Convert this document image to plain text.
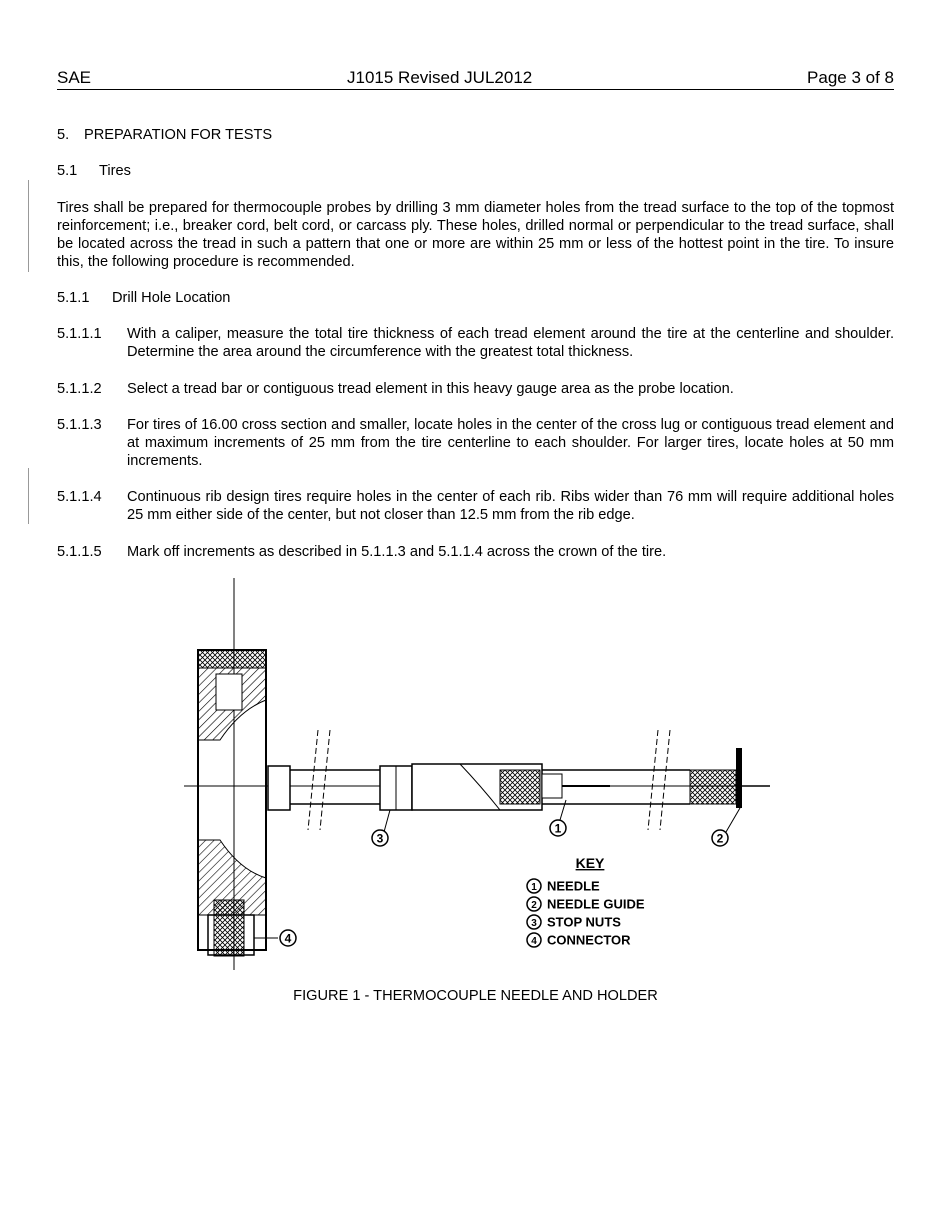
SAE	J1015 Revised JUL2012	Page 3 of 8
5. PREPARATION FOR TESTS
5.1 Tires
Tires shall be prepared for thermocouple probes by drilling 3 mm diameter holes from the tread surface to the top of the topmost reinforcement; i.e., breaker cord, belt cord, or carcass ply. These holes, drilled normal or perpendicular to the tread surface, shall be located across the tread in such a pattern that one or more are within 25 mm or less of the hottest point in the tire. To insure this, the following procedure is recommended.
5.1.1 Drill Hole Location
5.1.1.1 With a caliper, measure the total tire thickness of each tread element around the tire at the centerline and shoulder. Determine the area around the circumference with the greatest total thickness.
5.1.1.2 Select a tread bar or contiguous tread element in this heavy gauge area as the probe location.
5.1.1.3 For tires of 16.00 cross section and smaller, locate holes in the center of the cross lug or contiguous tread element and at maximum increments of 25 mm from the tire centerline to each shoulder. For larger tires, locate holes at 50 mm increments.
5.1.1.4 Continuous rib design tires require holes in the center of each rib. Ribs wider than 76 mm will require additional holes 25 mm either side of the center, but not closer than 12.5 mm from the rib edge.
5.1.1.5 Mark off increments as described in 5.1.1.3 and 5.1.1.4 across the crown of the tire.
3
1
2
4
KEY
1 NEEDLE
2 NEEDLE GUIDE
3 STOP NUTS
4 CONNECTOR
FIGURE 1 - THERMOCOUPLE NEEDLE AND HOLDER
